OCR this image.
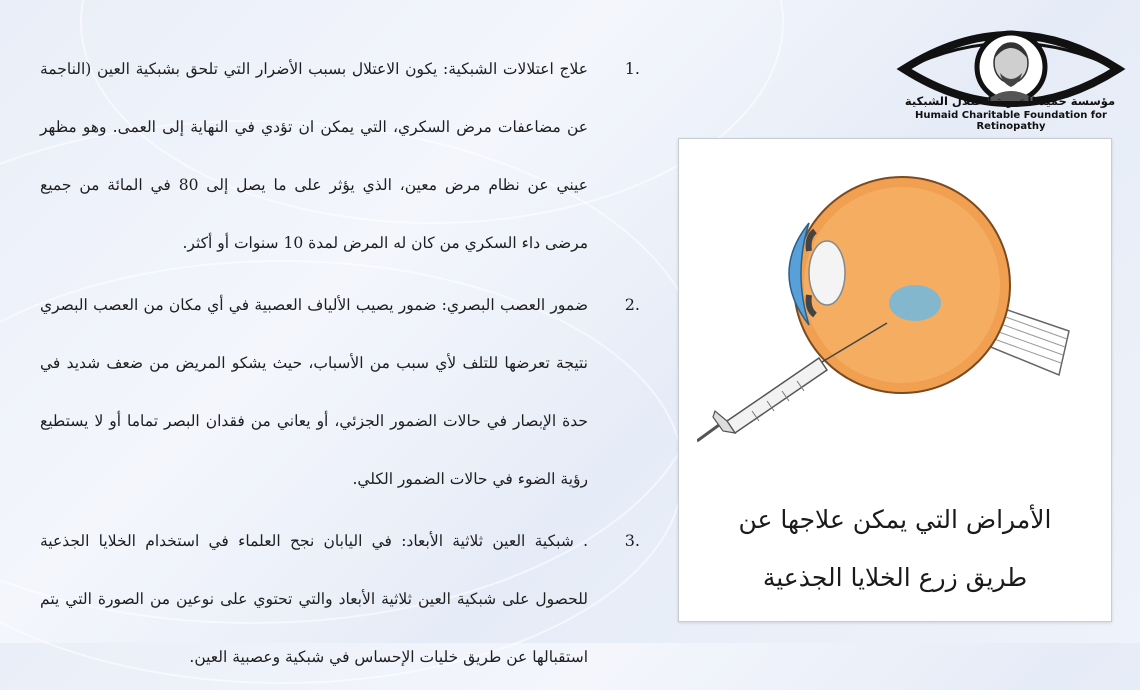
1.

علاج اعتلالات الشبكية: يكون الاعتلال بسبب الأضرار التي تلحق بشبكية العين (الناجمة عن مضاعفات مرض السكري، التي يمكن ان تؤدي في النهاية إلى العمى. وهو مظهر عيني عن نظام مرض معين، الذي يؤثر على ما يصل إلى 80 في المائة من جميع مرضى داء السكري من كان له المرض لمدة 10 سنوات أو أكثر.

2.

ضمور العصب البصري: ضمور يصيب الألياف العصبية في أي مكان من العصب البصري نتيجة تعرضها للتلف لأي سبب من الأسباب، حيث يشكو المريض من ضعف شديد في حدة الإبصار في حالات الضمور الجزئي، أو يعاني من فقدان البصر تماما أو لا يستطيع رؤية الضوء في حالات الضمور الكلي.

3.

. شبكية العين ثلاثية الأبعاد: في اليابان نجح العلماء في استخدام الخلايا الجذعية للحصول على شبكية العين ثلاثية الأبعاد والتي تحتوي على نوعين من الصورة التي يتم استقبالها عن طريق خليات الإحساس في شبكية وعصبية العين.

مؤسسة حميد الخيرية لاعتلال الشبكية
Humaid Charitable Foundation for Retinopathy
الأمراض التي يمكن علاجها عن
طريق زرع الخلايا الجذعية
